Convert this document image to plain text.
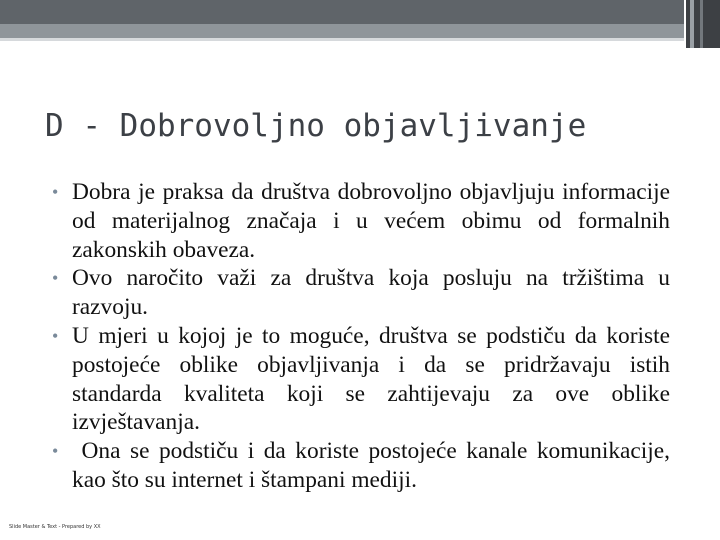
D - Dobrovoljno objavljivanje
• Dobra je praksa da društva dobrovoljno objavljuju informacije od materijalnog značaja i u većem obimu od formalnih zakonskih obaveza.
• Ovo naročito važi za društva koja posluju na tržištima u razvoju.
• U mjeri u kojoj je to moguće, društva se podstiču da koriste postojeće oblike objavljivanja i da se pridržavaju istih standarda kvaliteta koji se zahtijevaju za ove oblike izvještavanja.
• Ona se podstiču i da koriste postojeće kanale komunikacije, kao što su internet i štampani mediji.
Slide Master & Text - Prepared by XX
